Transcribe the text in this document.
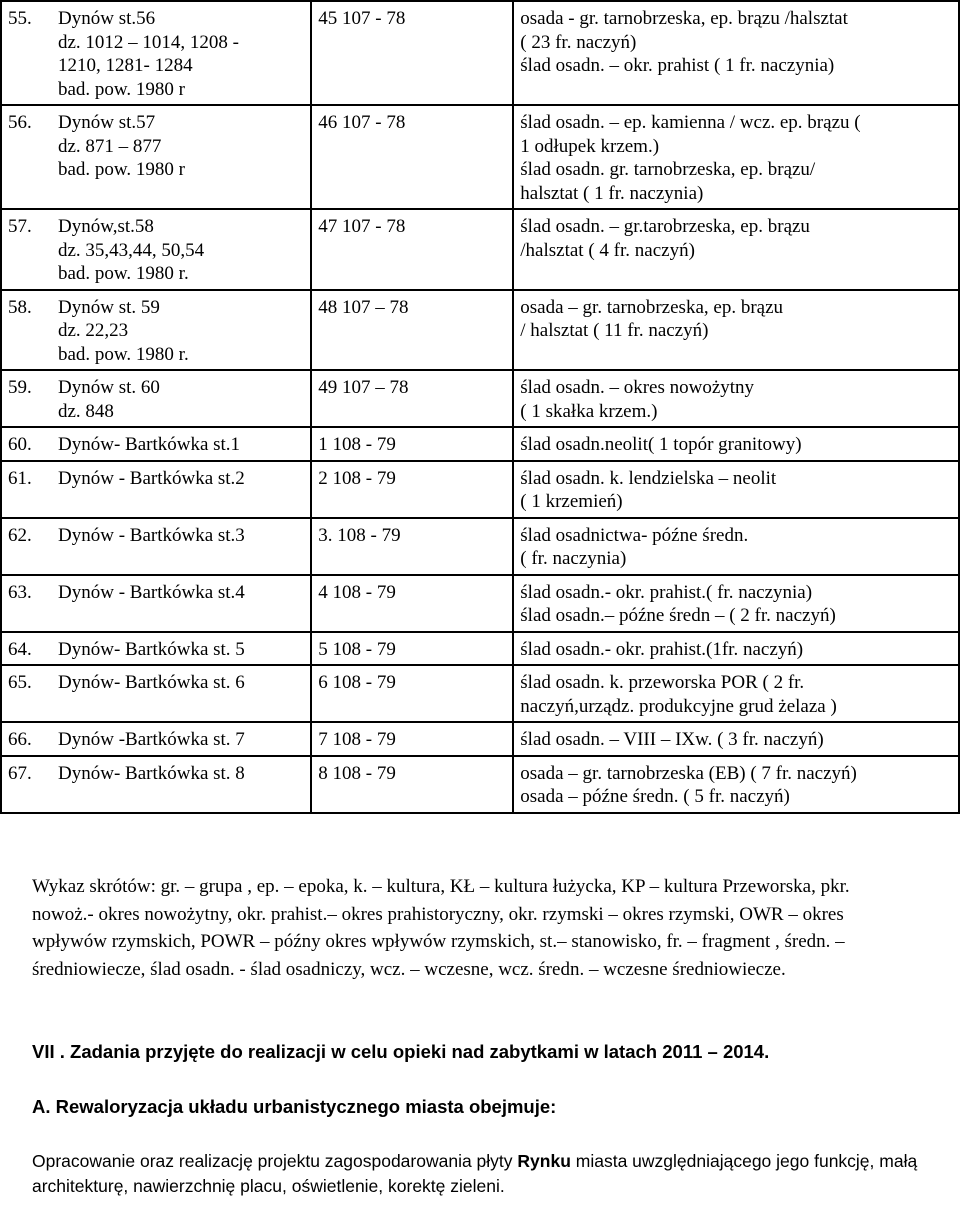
55. Dynów st.56
dz. 1012 – 1014, 1208 -
1210, 1281- 1284
bad. pow. 1980 r	45 107 - 78	osada - gr. tarnobrzeska, ep. brązu /halsztat
( 23 fr. naczyń)
ślad osadn. – okr. prahist ( 1 fr. naczynia)

56. Dynów st.57
dz. 871 – 877
bad. pow. 1980 r	46 107 - 78	ślad osadn. – ep. kamienna / wcz. ep. brązu (
1 odłupek krzem.)
ślad osadn. gr. tarnobrzeska, ep. brązu/
halsztat ( 1 fr. naczynia)

57. Dynów,st.58
dz. 35,43,44, 50,54
bad. pow. 1980 r.	47 107 - 78	ślad osadn. – gr.tarobrzeska, ep. brązu
/halsztat ( 4 fr. naczyń)

58. Dynów st. 59
dz. 22,23
bad. pow. 1980 r.	48 107 – 78	osada – gr. tarnobrzeska, ep. brązu
/ halsztat ( 11 fr. naczyń)

59. Dynów st. 60
dz. 848	49 107 – 78	ślad osadn. – okres nowożytny
( 1 skałka krzem.)

60. Dynów- Bartkówka st.1	1 108 - 79	ślad osadn.neolit( 1 topór granitowy)

61. Dynów - Bartkówka st.2	2 108 - 79	ślad osadn. k. lendzielska – neolit
( 1 krzemień)

62. Dynów - Bartkówka st.3	3. 108 - 79	ślad osadnictwa- późne średn.
( fr. naczynia)

63. Dynów - Bartkówka st.4	4 108 - 79	ślad osadn.- okr. prahist.( fr. naczynia)
ślad osadn.– późne średn – ( 2 fr. naczyń)

64. Dynów- Bartkówka st. 5	5 108 - 79	ślad osadn.- okr. prahist.(1fr. naczyń)

65. Dynów- Bartkówka st. 6	6 108 - 79	ślad osadn. k. przeworska POR ( 2 fr.
naczyń,urządz. produkcyjne grud żelaza )

66. Dynów -Bartkówka st. 7	7 108 - 79	ślad osadn. – VIII – IXw. ( 3 fr. naczyń)

67. Dynów- Bartkówka st. 8	8 108 - 79	osada – gr. tarnobrzeska (EB) ( 7 fr. naczyń)
osada – późne średn. ( 5 fr. naczyń)

Wykaz skrótów: gr. – grupa , ep. – epoka, k. – kultura, KŁ – kultura łużycka, KP – kultura Przeworska, pkr. nowoż.- okres nowożytny, okr. prahist.– okres prahistoryczny, okr. rzymski – okres rzymski, OWR – okres wpływów rzymskich, POWR – późny okres wpływów rzymskich, st.– stanowisko, fr. – fragment , średn. – średniowiecze, ślad osadn. - ślad osadniczy, wcz. – wczesne, wcz. średn. – wczesne średniowiecze.

VII . Zadania przyjęte do realizacji w celu opieki nad zabytkami w latach 2011 – 2014.

A. Rewaloryzacja układu urbanistycznego miasta obejmuje:

Opracowanie oraz realizację projektu zagospodarowania płyty Rynku miasta uwzględniającego jego funkcję, małą architekturę, nawierzchnię placu, oświetlenie, korektę zieleni.
